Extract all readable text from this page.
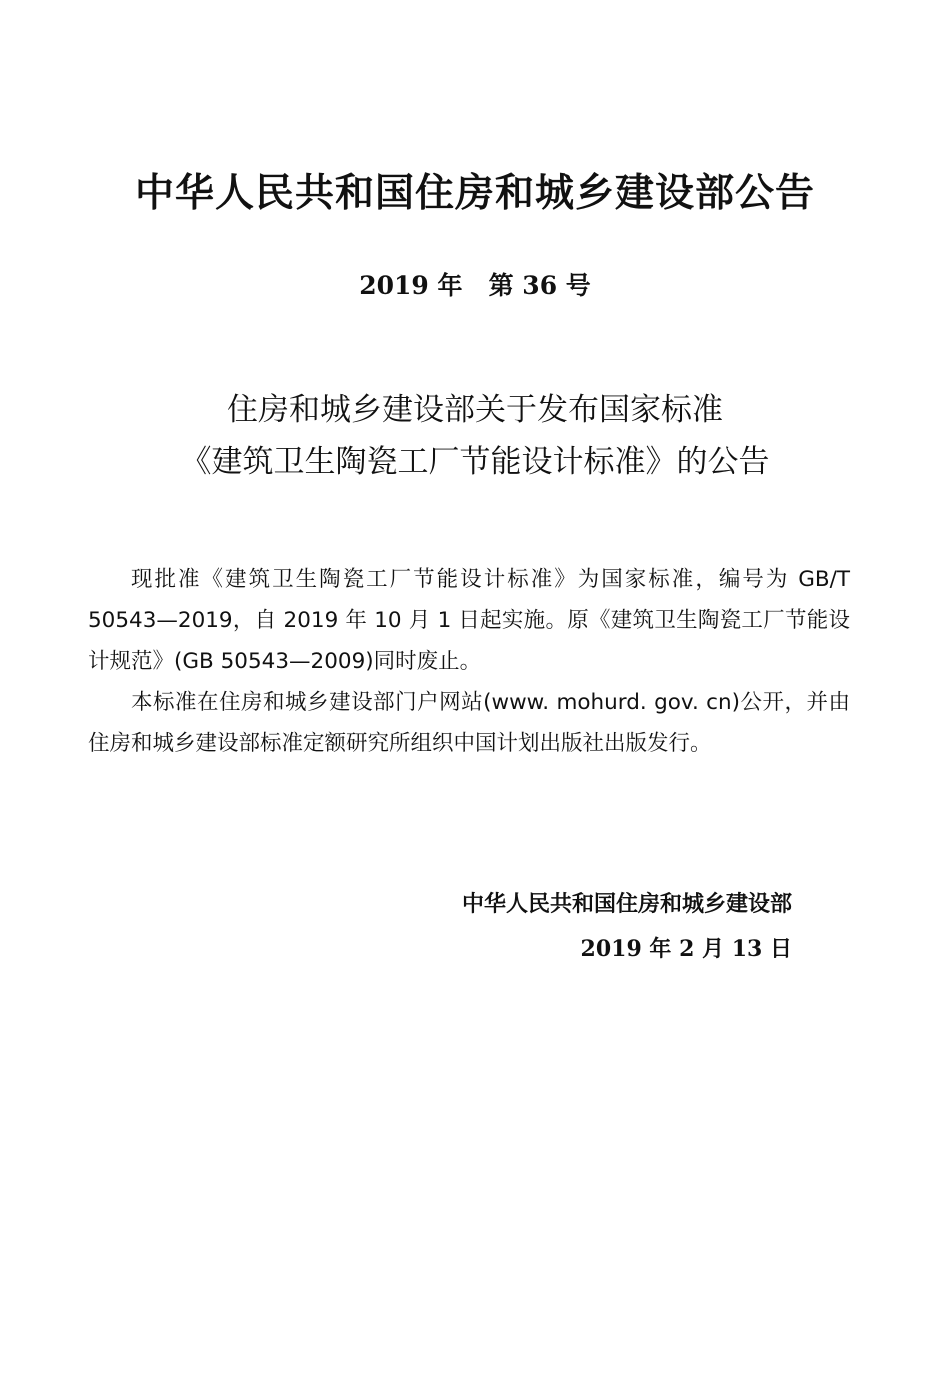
中华人民共和国住房和城乡建设部公告
2019 年   第 36 号
住房和城乡建设部关于发布国家标准
《建筑卫生陶瓷工厂节能设计标准》的公告

现批准《建筑卫生陶瓷工厂节能设计标准》为国家标准，编号为 GB/T 50543—2019，自 2019 年 10 月 1 日起实施。原《建筑卫生陶瓷工厂节能设计规范》(GB 50543—2009)同时废止。

本标准在住房和城乡建设部门户网站(www. mohurd. gov. cn)公开，并由住房和城乡建设部标准定额研究所组织中国计划出版社出版发行。

中华人民共和国住房和城乡建设部
2019 年 2 月 13 日
